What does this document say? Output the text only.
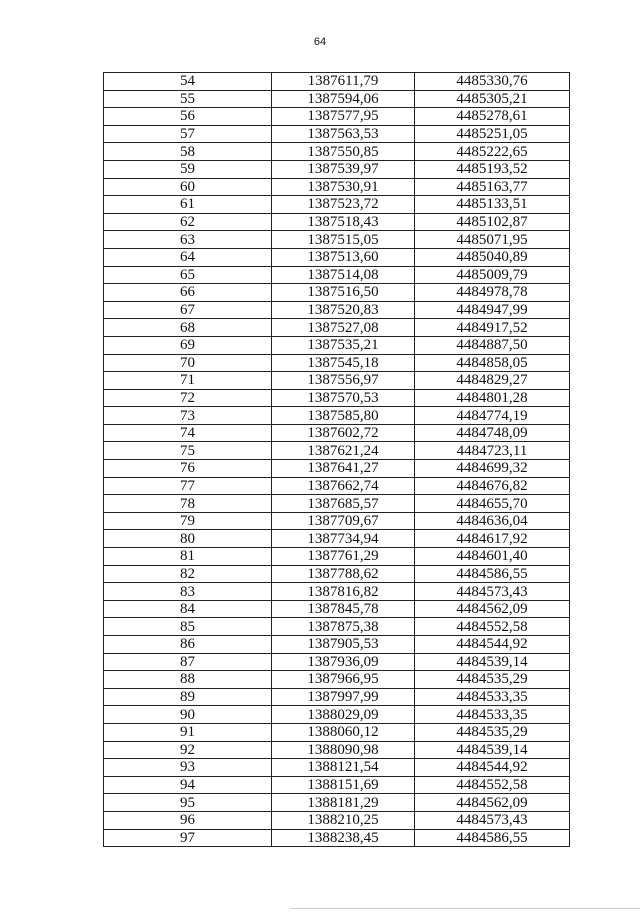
64
54	1387611,79	4485330,76
55	1387594,06	4485305,21
56	1387577,95	4485278,61
57	1387563,53	4485251,05
58	1387550,85	4485222,65
59	1387539,97	4485193,52
60	1387530,91	4485163,77
61	1387523,72	4485133,51
62	1387518,43	4485102,87
63	1387515,05	4485071,95
64	1387513,60	4485040,89
65	1387514,08	4485009,79
66	1387516,50	4484978,78
67	1387520,83	4484947,99
68	1387527,08	4484917,52
69	1387535,21	4484887,50
70	1387545,18	4484858,05
71	1387556,97	4484829,27
72	1387570,53	4484801,28
73	1387585,80	4484774,19
74	1387602,72	4484748,09
75	1387621,24	4484723,11
76	1387641,27	4484699,32
77	1387662,74	4484676,82
78	1387685,57	4484655,70
79	1387709,67	4484636,04
80	1387734,94	4484617,92
81	1387761,29	4484601,40
82	1387788,62	4484586,55
83	1387816,82	4484573,43
84	1387845,78	4484562,09
85	1387875,38	4484552,58
86	1387905,53	4484544,92
87	1387936,09	4484539,14
88	1387966,95	4484535,29
89	1387997,99	4484533,35
90	1388029,09	4484533,35
91	1388060,12	4484535,29
92	1388090,98	4484539,14
93	1388121,54	4484544,92
94	1388151,69	4484552,58
95	1388181,29	4484562,09
96	1388210,25	4484573,43
97	1388238,45	4484586,55
